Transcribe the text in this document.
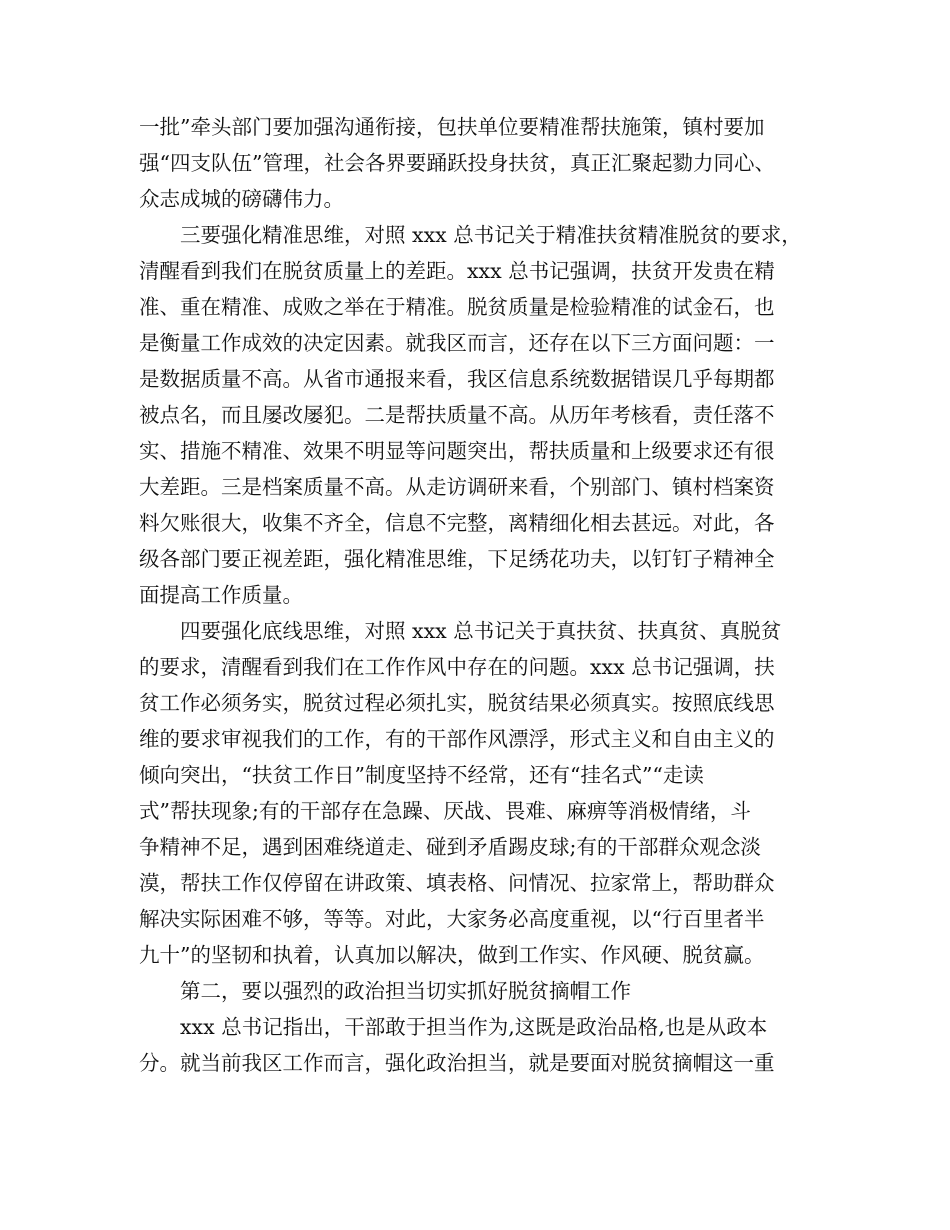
一批”牵头部门要加强沟通衔接，包扶单位要精准帮扶施策，镇村要加
强“四支队伍”管理，社会各界要踊跃投身扶贫，真正汇聚起勠力同心、
众志成城的磅礴伟力。
　　三要强化精准思维，对照 xxx 总书记关于精准扶贫精准脱贫的要求，
清醒看到我们在脱贫质量上的差距。xxx 总书记强调，扶贫开发贵在精
准、重在精准、成败之举在于精准。脱贫质量是检验精准的试金石，也
是衡量工作成效的决定因素。就我区而言，还存在以下三方面问题：一
是数据质量不高。从省市通报来看，我区信息系统数据错误几乎每期都
被点名，而且屡改屡犯。二是帮扶质量不高。从历年考核看，责任落不
实、措施不精准、效果不明显等问题突出，帮扶质量和上级要求还有很
大差距。三是档案质量不高。从走访调研来看，个别部门、镇村档案资
料欠账很大，收集不齐全，信息不完整，离精细化相去甚远。对此，各
级各部门要正视差距，强化精准思维，下足绣花功夫，以钉钉子精神全
面提高工作质量。
　　四要强化底线思维，对照 xxx 总书记关于真扶贫、扶真贫、真脱贫
的要求，清醒看到我们在工作作风中存在的问题。xxx 总书记强调，扶
贫工作必须务实，脱贫过程必须扎实，脱贫结果必须真实。按照底线思
维的要求审视我们的工作，有的干部作风漂浮，形式主义和自由主义的
倾向突出，“扶贫工作日”制度坚持不经常，还有“挂名式”“走读
式”帮扶现象;有的干部存在急躁、厌战、畏难、麻痹等消极情绪，斗
争精神不足，遇到困难绕道走、碰到矛盾踢皮球;有的干部群众观念淡
漠，帮扶工作仅停留在讲政策、填表格、问情况、拉家常上，帮助群众
解决实际困难不够，等等。对此，大家务必高度重视，以“行百里者半
九十”的坚韧和执着，认真加以解决，做到工作实、作风硬、脱贫赢。
　　第二，要以强烈的政治担当切实抓好脱贫摘帽工作
　　xxx 总书记指出，干部敢于担当作为,这既是政治品格,也是从政本
分。就当前我区工作而言，强化政治担当，就是要面对脱贫摘帽这一重
